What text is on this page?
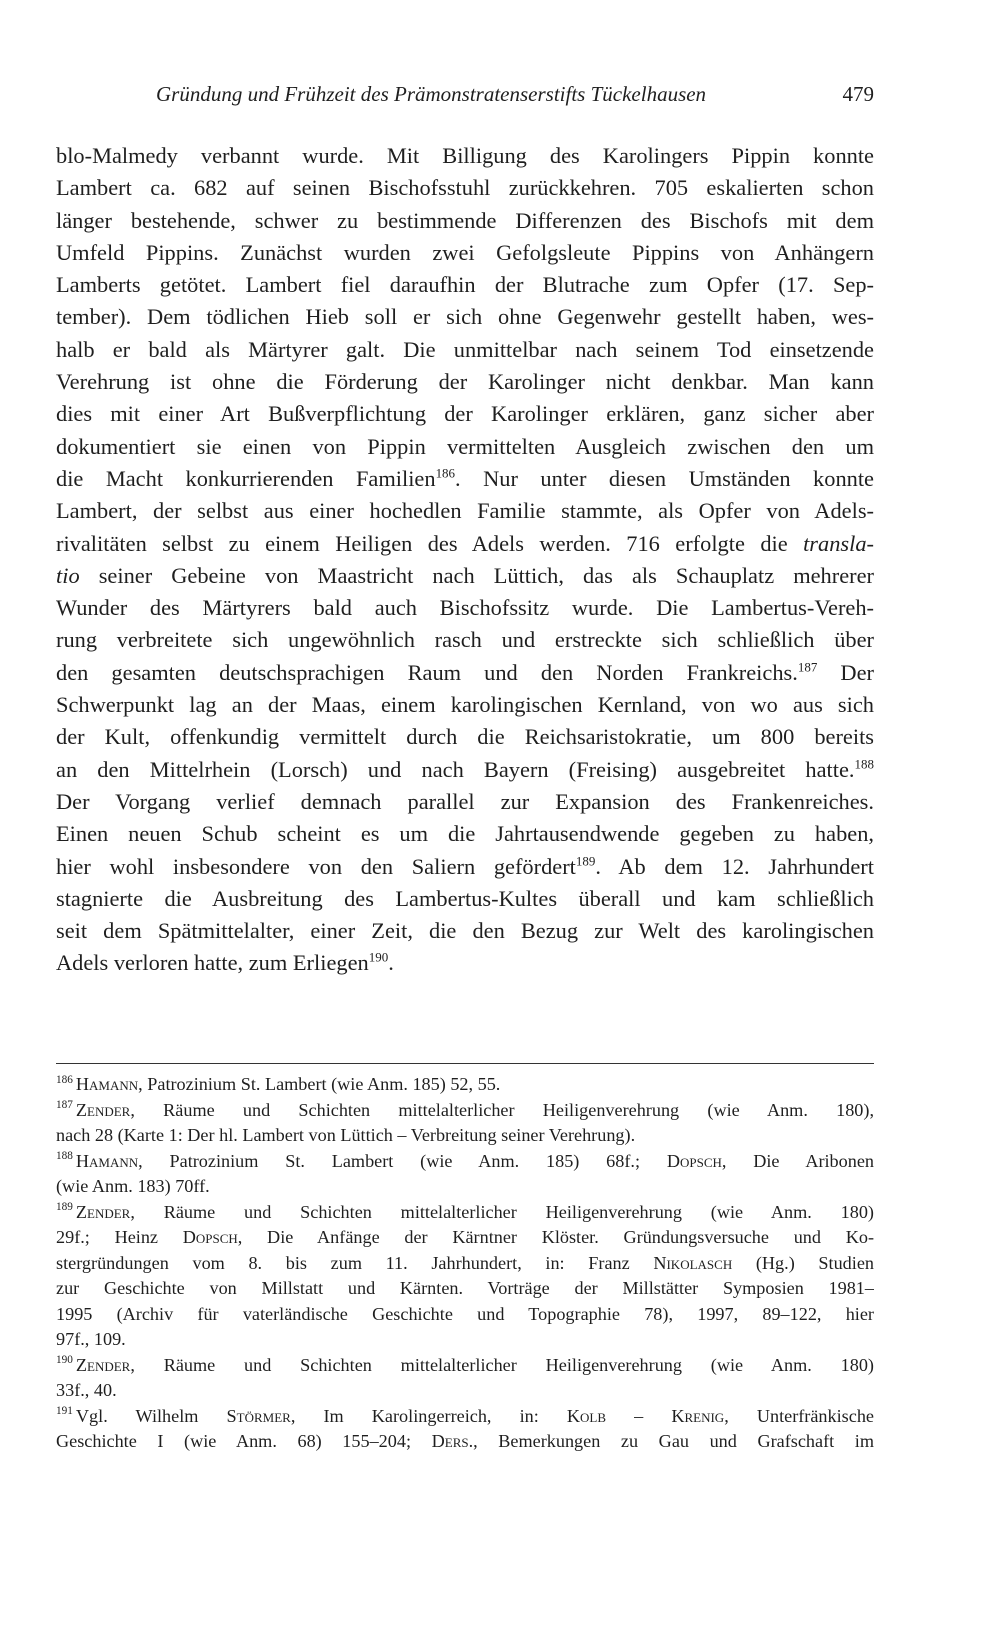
Gründung und Frühzeit des Prämonstratenserstifts Tückelhausen	479
blo-Malmedy verbannt wurde. Mit Billigung des Karolingers Pippin konnte
Lambert ca. 682 auf seinen Bischofsstuhl zurückkehren. 705 eskalierten schon
länger bestehende, schwer zu bestimmende Differenzen des Bischofs mit dem
Umfeld Pippins. Zunächst wurden zwei Gefolgsleute Pippins von Anhängern
Lamberts getötet. Lambert fiel daraufhin der Blutrache zum Opfer (17. Sep-
tember). Dem tödlichen Hieb soll er sich ohne Gegenwehr gestellt haben, wes-
halb er bald als Märtyrer galt. Die unmittelbar nach seinem Tod einsetzende
Verehrung ist ohne die Förderung der Karolinger nicht denkbar. Man kann
dies mit einer Art Bußverpflichtung der Karolinger erklären, ganz sicher aber
dokumentiert sie einen von Pippin vermittelten Ausgleich zwischen den um
die Macht konkurrierenden Familien$^{186}$. Nur unter diesen Umständen konnte
Lambert, der selbst aus einer hochedlen Familie stammte, als Opfer von Adels-
rivalitäten selbst zu einem Heiligen des Adels werden. 716 erfolgte die transla-
tio seiner Gebeine von Maastricht nach Lüttich, das als Schauplatz mehrerer
Wunder des Märtyrers bald auch Bischofssitz wurde. Die Lambertus-Vereh-
rung verbreitete sich ungewöhnlich rasch und erstreckte sich schließlich über
den gesamten deutschsprachigen Raum und den Norden Frankreichs.$^{187}$ Der
Schwerpunkt lag an der Maas, einem karolingischen Kernland, von wo aus sich
der Kult, offenkundig vermittelt durch die Reichsaristokratie, um 800 bereits
an den Mittelrhein (Lorsch) und nach Bayern (Freising) ausgebreitet hatte.$^{188}$
Der Vorgang verlief demnach parallel zur Expansion des Frankenreiches.
Einen neuen Schub scheint es um die Jahrtausendwende gegeben zu haben,
hier wohl insbesondere von den Saliern gefördert$^{189}$. Ab dem 12. Jahrhundert
stagnierte die Ausbreitung des Lambertus-Kultes überall und kam schließlich
seit dem Spätmittelalter, einer Zeit, die den Bezug zur Welt des karolingischen
Adels verloren hatte, zum Erliegen$^{190}$.
$^{186}$ Hamann, Patrozinium St. Lambert (wie Anm. 185) 52, 55.
$^{187}$ Zender, Räume und Schichten mittelalterlicher Heiligenverehrung (wie Anm. 180),
nach 28 (Karte 1: Der hl. Lambert von Lüttich – Verbreitung seiner Verehrung).
$^{188}$ Hamann, Patrozinium St. Lambert (wie Anm. 185) 68f.; Dopsch, Die Aribonen
(wie Anm. 183) 70ff.
$^{189}$ Zender, Räume und Schichten mittelalterlicher Heiligenverehrung (wie Anm. 180)
29f.; Heinz Dopsch, Die Anfänge der Kärntner Klöster. Gründungsversuche und Ko-
stergründungen vom 8. bis zum 11. Jahrhundert, in: Franz Nikolasch (Hg.) Studien
zur Geschichte von Millstatt und Kärnten. Vorträge der Millstätter Symposien 1981–
1995 (Archiv für vaterländische Geschichte und Topographie 78), 1997, 89–122, hier
97f., 109.
$^{190}$ Zender, Räume und Schichten mittelalterlicher Heiligenverehrung (wie Anm. 180)
33f., 40.
$^{191}$ Vgl. Wilhelm Störmer, Im Karolingerreich, in: Kolb – Krenig, Unterfränkische
Geschichte I (wie Anm. 68) 155–204; Ders., Bemerkungen zu Gau und Grafschaft im
